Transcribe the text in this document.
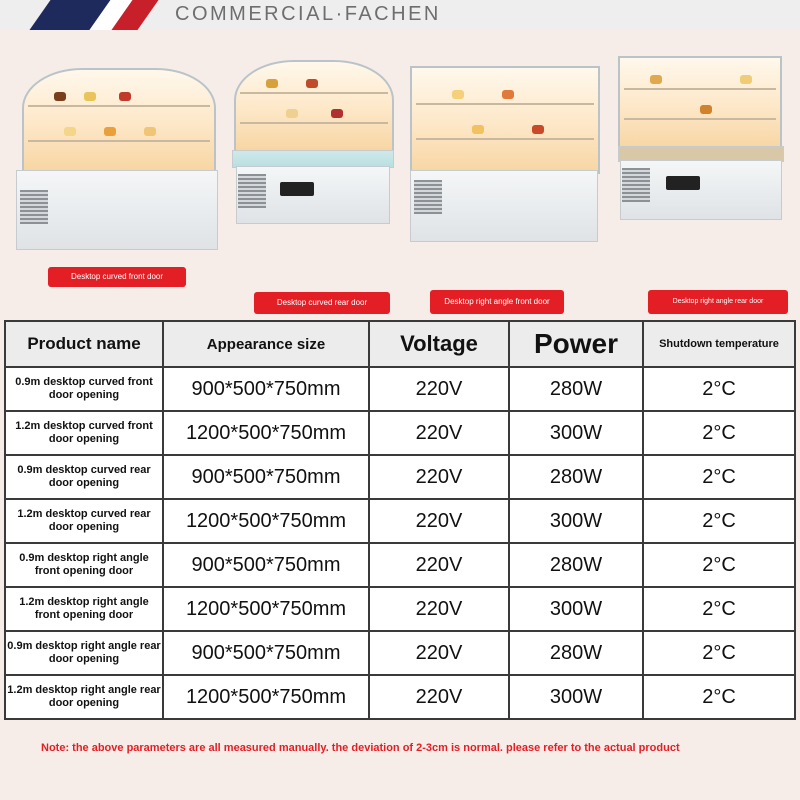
COMMERCIAL·FACHEN
Desktop curved front door
Desktop curved rear door	Desktop right angle front door	Desktop right angle rear door
Product name	Appearance size	Voltage	Power	Shutdown temperature
0.9m desktop curved front door opening	900*500*750mm	220V	280W	2°C
1.2m desktop curved front door opening	1200*500*750mm	220V	300W	2°C
0.9m desktop curved rear door opening	900*500*750mm	220V	280W	2°C
1.2m desktop curved rear door opening	1200*500*750mm	220V	300W	2°C
0.9m desktop right angle front opening door	900*500*750mm	220V	280W	2°C
1.2m desktop right angle front opening door	1200*500*750mm	220V	300W	2°C
0.9m desktop right angle rear door opening	900*500*750mm	220V	280W	2°C
1.2m desktop right angle rear door opening	1200*500*750mm	220V	300W	2°C
Note: the above parameters are all measured manually. the deviation of 2-3cm is normal. please refer to the actual product
